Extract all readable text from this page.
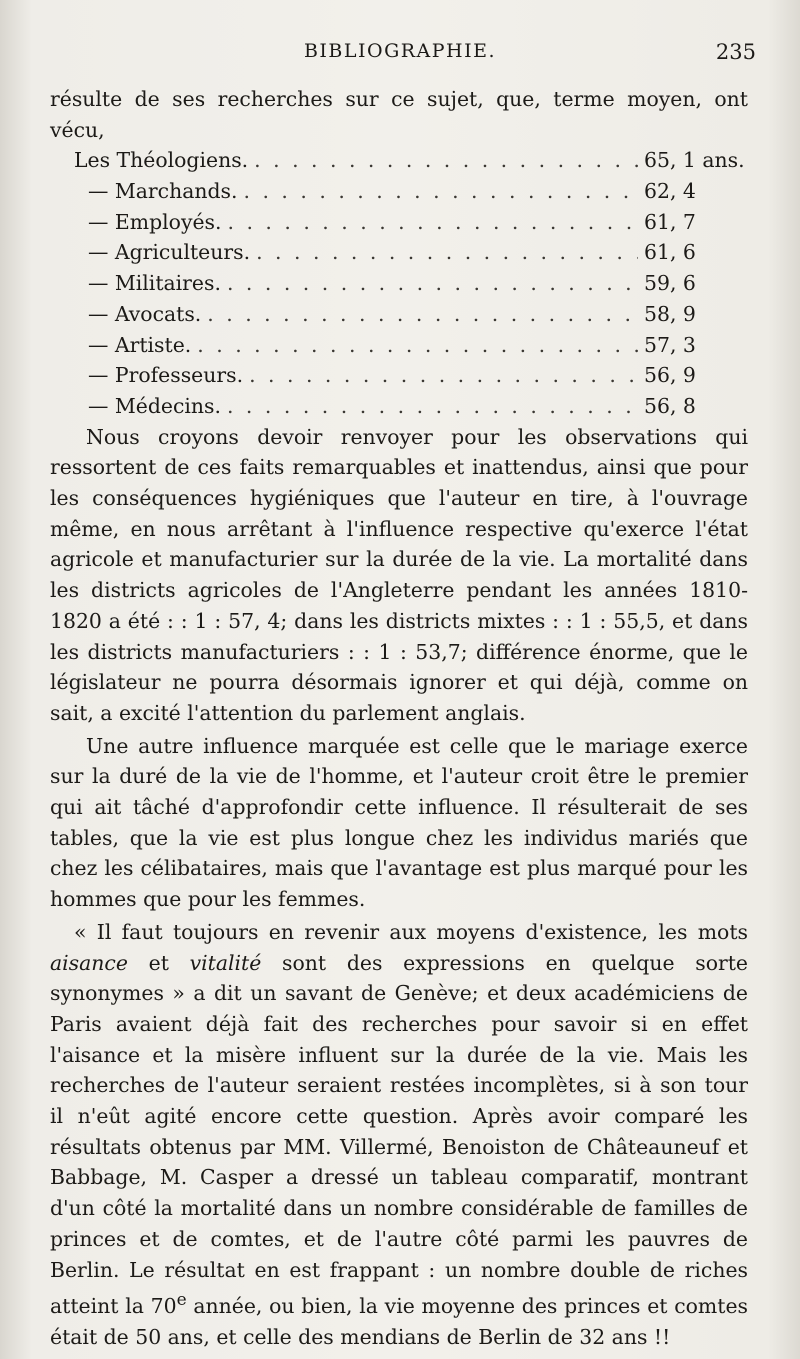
BIBLIOGRAPHIE.	235

résulte de ses recherches sur ce sujet, que, terme moyen, ont vécu,

Les Théologiens. . . .	65, 1 ans.
— Marchands. . . .	62, 4
— Employés. . . .	61, 7
— Agriculteurs. . . .	61, 6
— Militaires. . . .	59, 6
— Avocats. . . .	58, 9
— Artiste. . . .	57, 3
— Professeurs. . . .	56, 9
— Médecins. . . .	56, 8

Nous croyons devoir renvoyer pour les observations qui ressortent de ces faits remarquables et inattendus, ainsi que pour les conséquences hygiéniques que l'auteur en tire, à l'ouvrage même, en nous arrêtant à l'influence respective qu'exerce l'état agricole et manufacturier sur la durée de la vie. La mortalité dans les districts agricoles de l'Angleterre pendant les années 1810-1820 a été : : 1 : 57, 4; dans les districts mixtes : : 1 : 55,5, et dans les districts manufacturiers : : 1 : 53,7; différence énorme, que le législateur ne pourra désormais ignorer et qui déjà, comme on sait, a excité l'attention du parlement anglais.

Une autre influence marquée est celle que le mariage exerce sur la duré de la vie de l'homme, et l'auteur croit être le premier qui ait tâché d'approfondir cette influence. Il résulterait de ses tables, que la vie est plus longue chez les individus mariés que chez les célibataires, mais que l'avantage est plus marqué pour les hommes que pour les femmes.

« Il faut toujours en revenir aux moyens d'existence, les mots aisance et vitalité sont des expressions en quelque sorte synonymes » a dit un savant de Genève; et deux académiciens de Paris avaient déjà fait des recherches pour savoir si en effet l'aisance et la misère influent sur la durée de la vie. Mais les recherches de l'auteur seraient restées incomplètes, si à son tour il n'eût agité encore cette question. Après avoir comparé les résultats obtenus par MM. Villermé, Benoiston de Châteauneuf et Babbage, M. Casper a dressé un tableau comparatif, montrant d'un côté la mortalité dans un nombre considérable de familles de princes et de comtes, et de l'autre côté parmi les pauvres de Berlin. Le résultat en est frappant : un nombre double de riches atteint la 70e année, ou bien, la vie moyenne des princes et comtes était de 50 ans, et celle des mendians de Berlin de 32 ans !!
